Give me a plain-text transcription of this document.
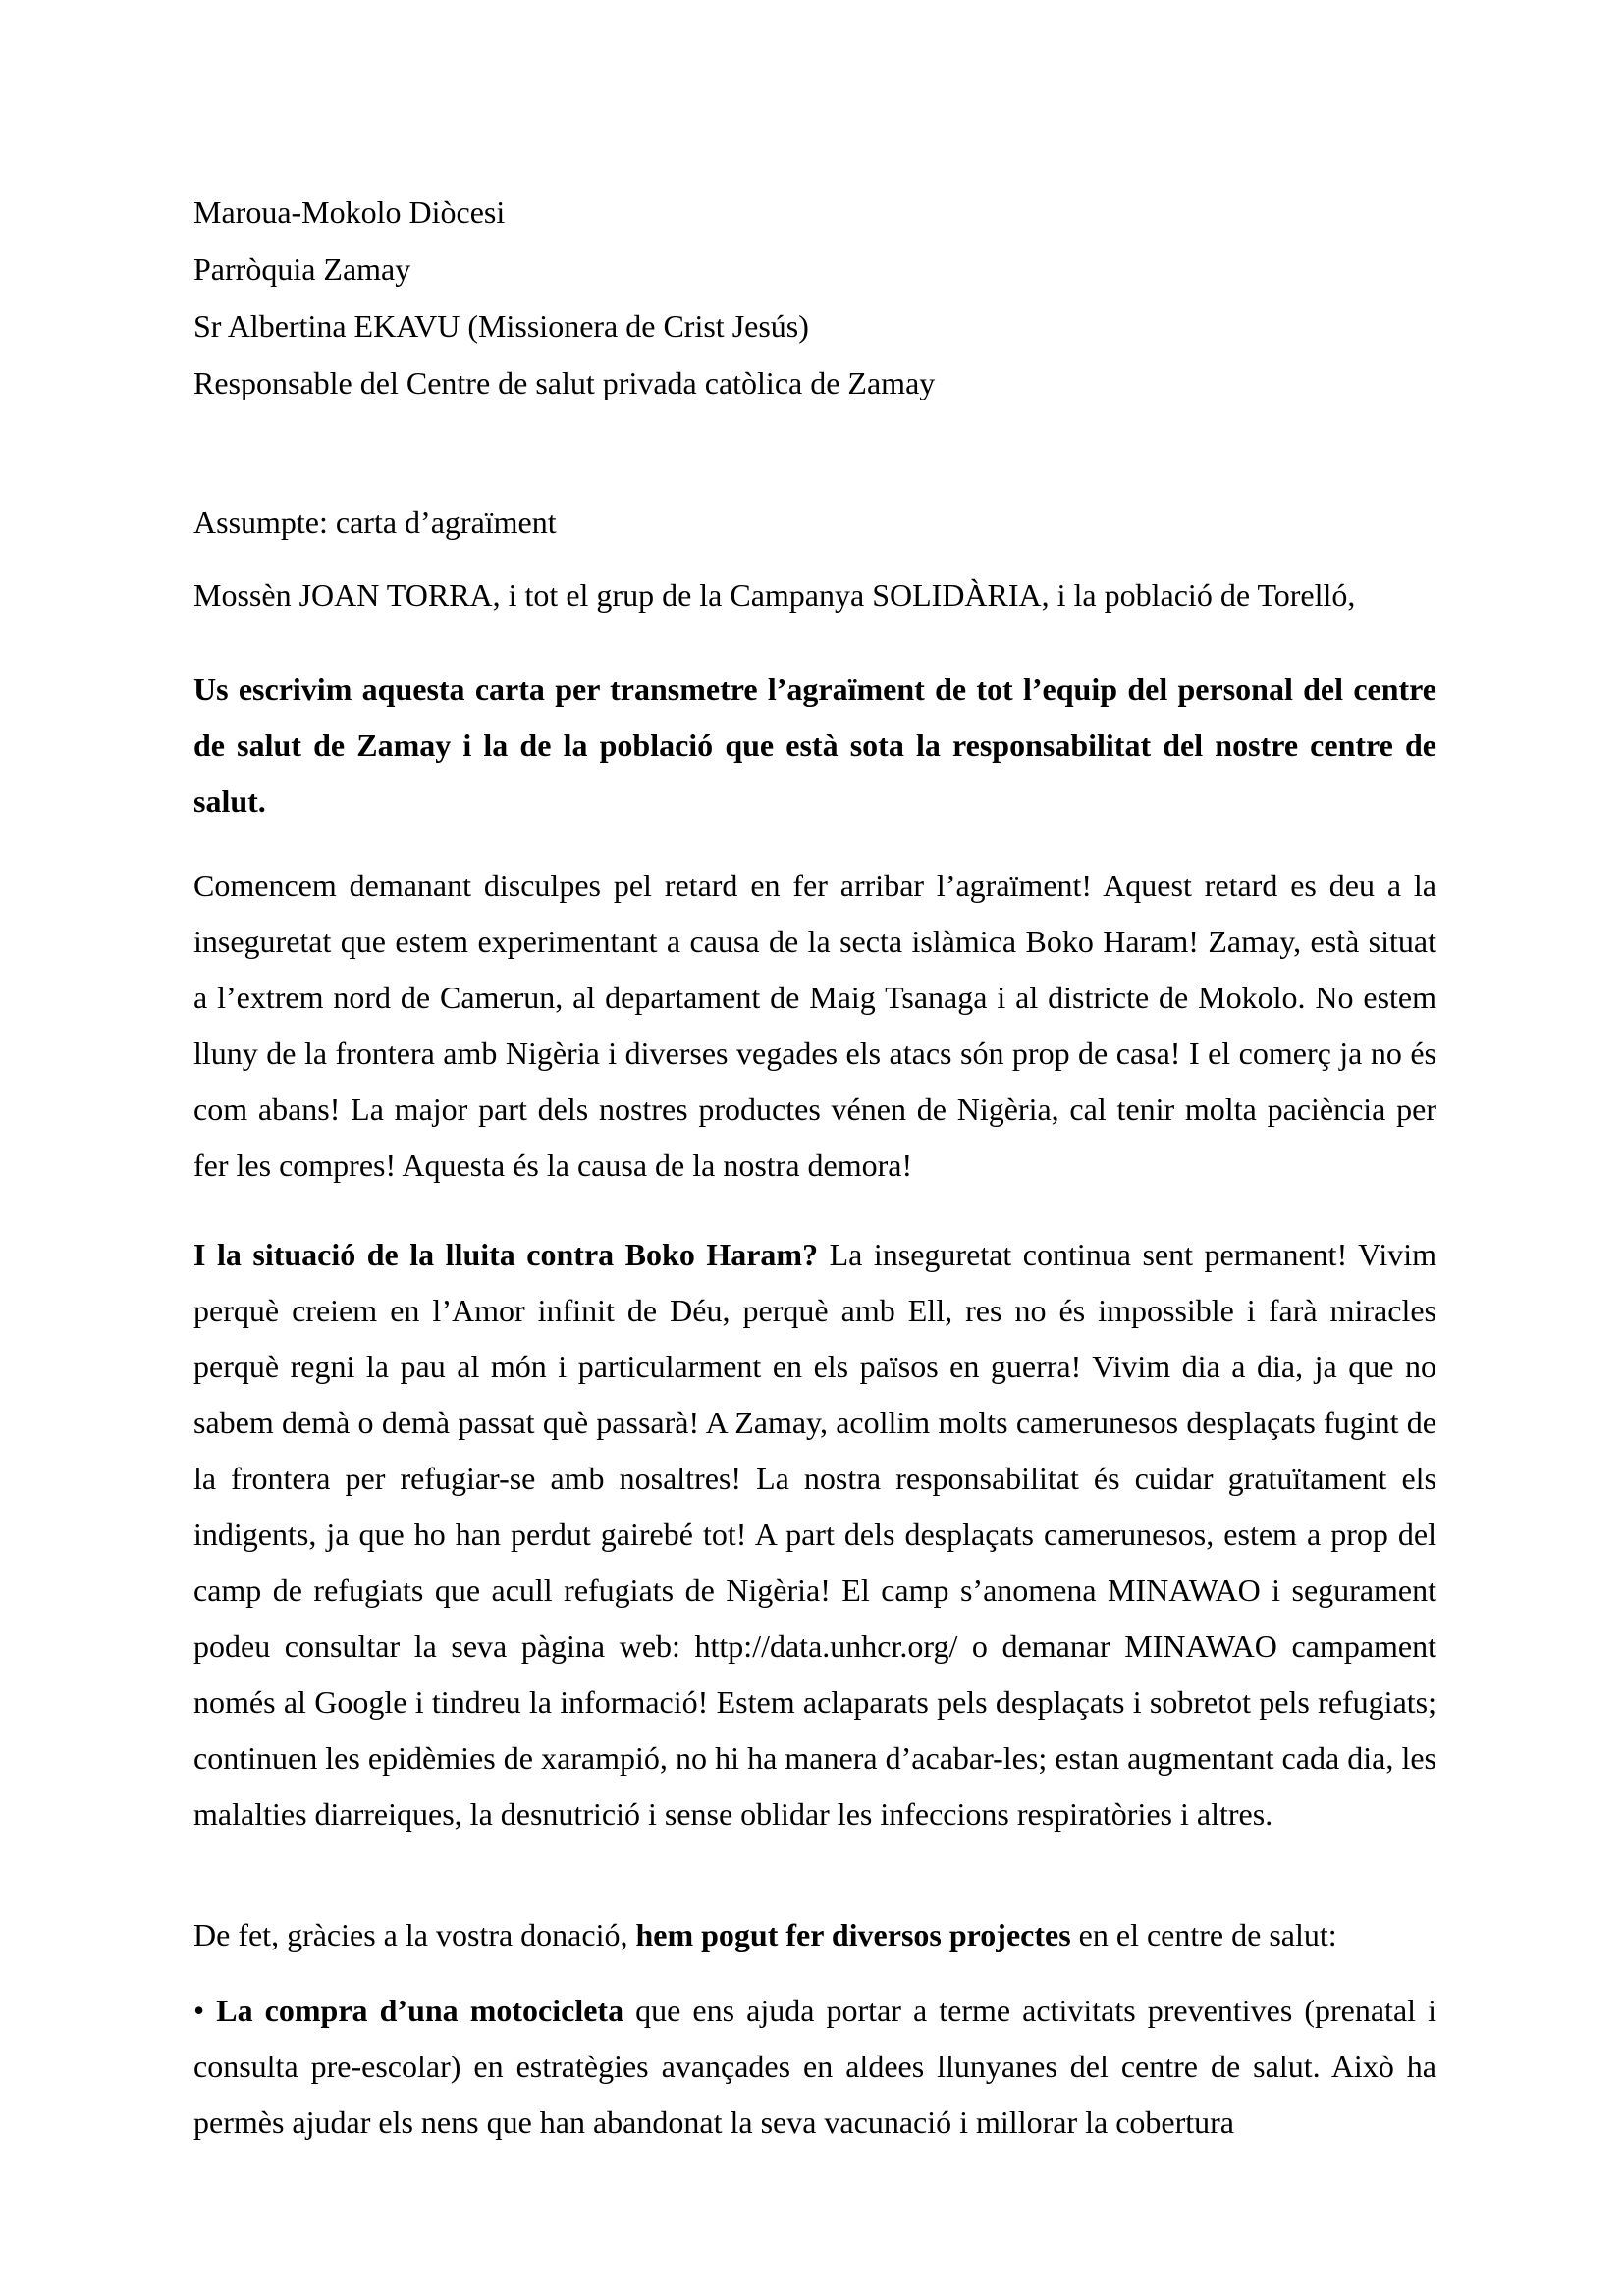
Maroua-Mokolo Diòcesi
Parròquia Zamay
Sr Albertina EKAVU (Missionera de Crist Jesús)
Responsable del Centre de salut privada catòlica de Zamay
Assumpte: carta d’agraïment
Mossèn JOAN TORRA, i tot el grup de la Campanya SOLIDÀRIA, i la població de Torelló,
Us escrivim aquesta carta per transmetre l’agraïment de tot l’equip del personal del centre de salut de Zamay i la de la població que està sota la responsabilitat del nostre centre de salut.
Comencem demanant disculpes pel retard en fer arribar l’agraïment! Aquest retard es deu a la inseguretat que estem experimentant a causa de la secta islàmica Boko Haram! Zamay, està situat a l’extrem nord de Camerun, al departament de Maig Tsanaga i al districte de Mokolo. No estem lluny de la frontera amb Nigèria i diverses vegades els atacs són prop de casa! I el comerç ja no és com abans! La major part dels nostres productes vénen de Nigèria, cal tenir molta paciència per fer les compres! Aquesta és la causa de la nostra demora!
I la situació de la lluita contra Boko Haram? La inseguretat continua sent permanent! Vivim perquè creiem en l’Amor infinit de Déu, perquè amb Ell, res no és impossible i farà miracles perquè regni la pau al món i particularment en els països en guerra! Vivim dia a dia, ja que no sabem demà o demà passat què passarà! A Zamay, acollim molts camerunesos desplaçats fugint de la frontera per refugiar-se amb nosaltres! La nostra responsabilitat és cuidar gratuïtament els indigents, ja que ho han perdut gairebé tot! A part dels desplaçats camerunesos, estem a prop del camp de refugiats que acull refugiats de Nigèria! El camp s’anomena MINAWAO i segurament podeu consultar la seva pàgina web: http://data.unhcr.org/ o demanar MINAWAO campament només al Google i tindreu la informació! Estem aclaparats pels desplaçats i sobretot pels refugiats; continuen les epidèmies de xarampió, no hi ha manera d’acabar-les; estan augmentant cada dia, les malalties diarreiques, la desnutrició i sense oblidar les infeccions respiratòries i altres.
De fet, gràcies a la vostra donació, hem pogut fer diversos projectes en el centre de salut:
• La compra d’una motocicleta que ens ajuda portar a terme activitats preventives (prenatal i consulta pre-escolar) en estratègies avançades en aldees llunyanes del centre de salut. Això ha permès ajudar els nens que han abandonat la seva vacunació i millorar la cobertura
